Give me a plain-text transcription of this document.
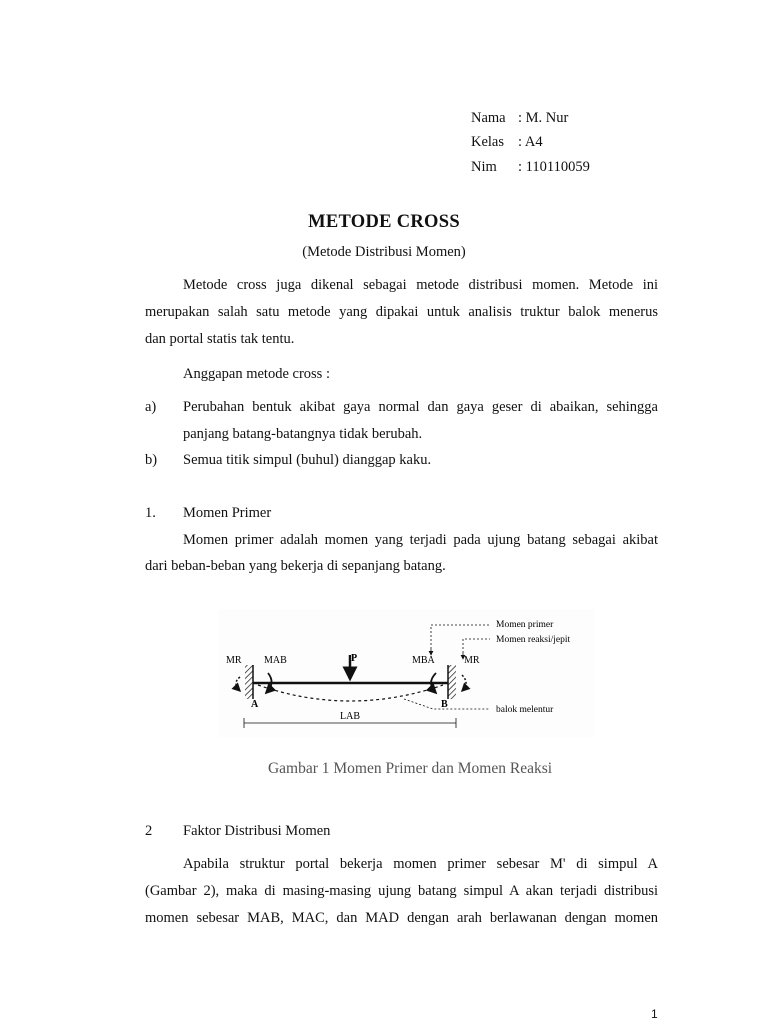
Nama : M. Nur
Kelas : A4
Nim : 110110059
METODE CROSS
(Metode Distribusi Momen)
Metode cross juga dikenal sebagai metode distribusi momen. Metode ini
merupakan salah satu metode yang dipakai untuk analisis truktur balok menerus
dan portal statis tak tentu.
Anggapan metode cross :
a) Perubahan bentuk akibat gaya normal dan gaya geser di abaikan, sehingga
panjang batang-batangnya tidak berubah.
b) Semua titik simpul (buhul) dianggap kaku.
1. Momen Primer
Momen primer adalah momen yang terjadi pada ujung batang sebagai akibat
dari beban-beban yang bekerja di sepanjang batang.
MR MAB	P	MBA	MR
A	B
LAB
Momen primer
Momen reaksi/jepit
balok melentur
Gambar 1 Momen Primer dan Momen Reaksi
2 Faktor Distribusi Momen
Apabila struktur portal bekerja momen primer sebesar M' di simpul A
(Gambar 2), maka di masing-masing ujung batang simpul A akan terjadi distribusi
momen sebesar MAB, MAC, dan MAD dengan arah berlawanan dengan momen
1
